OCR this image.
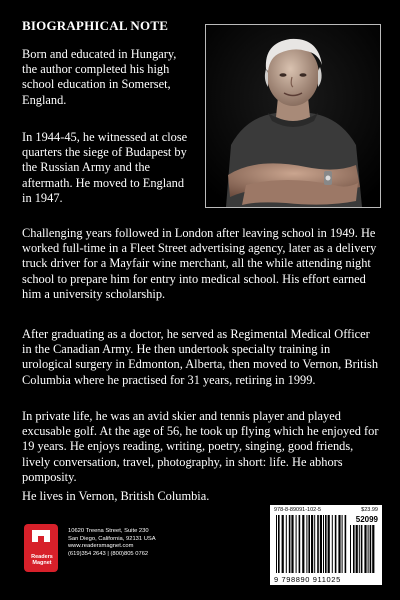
BIOGRAPHICAL NOTE

Born and educated in Hungary, the author completed his high school education in Somerset, England.

In 1944-45, he witnessed at close quarters the siege of Budapest by the Russian Army and the aftermath. He moved to England in 1947.

Challenging years followed in London after leaving school in 1949. He worked full-time in a Fleet Street advertising agency, later as a delivery truck driver for a Mayfair wine merchant, all the while attending night school to prepare him for entry into medical school. His effort earned him a university scholarship.

After graduating as a doctor, he served as Regimental Medical Officer in the Canadian Army. He then undertook specialty training in urological surgery in Edmonton, Alberta, then moved to Vernon, British Columbia where he practised for 31 years, retiring in 1999.

In private life, he was an avid skier and tennis player and played excusable golf. At the age of 56, he took up flying which he enjoyed for 19 years. He enjoys reading, writing, poetry, singing, good friends, lively conversation, travel, photography, in short: life. He abhors pomposity.

He lives in Vernon, British Columbia.

Readers Magnet
10620 Treena Street, Suite 230
San Diego, California, 92131 USA
www.readersmagnet.com
(619)354 2643 | (800)805 0762
978-8-89091-102-5	$23.99
52099
9 798890 911025
